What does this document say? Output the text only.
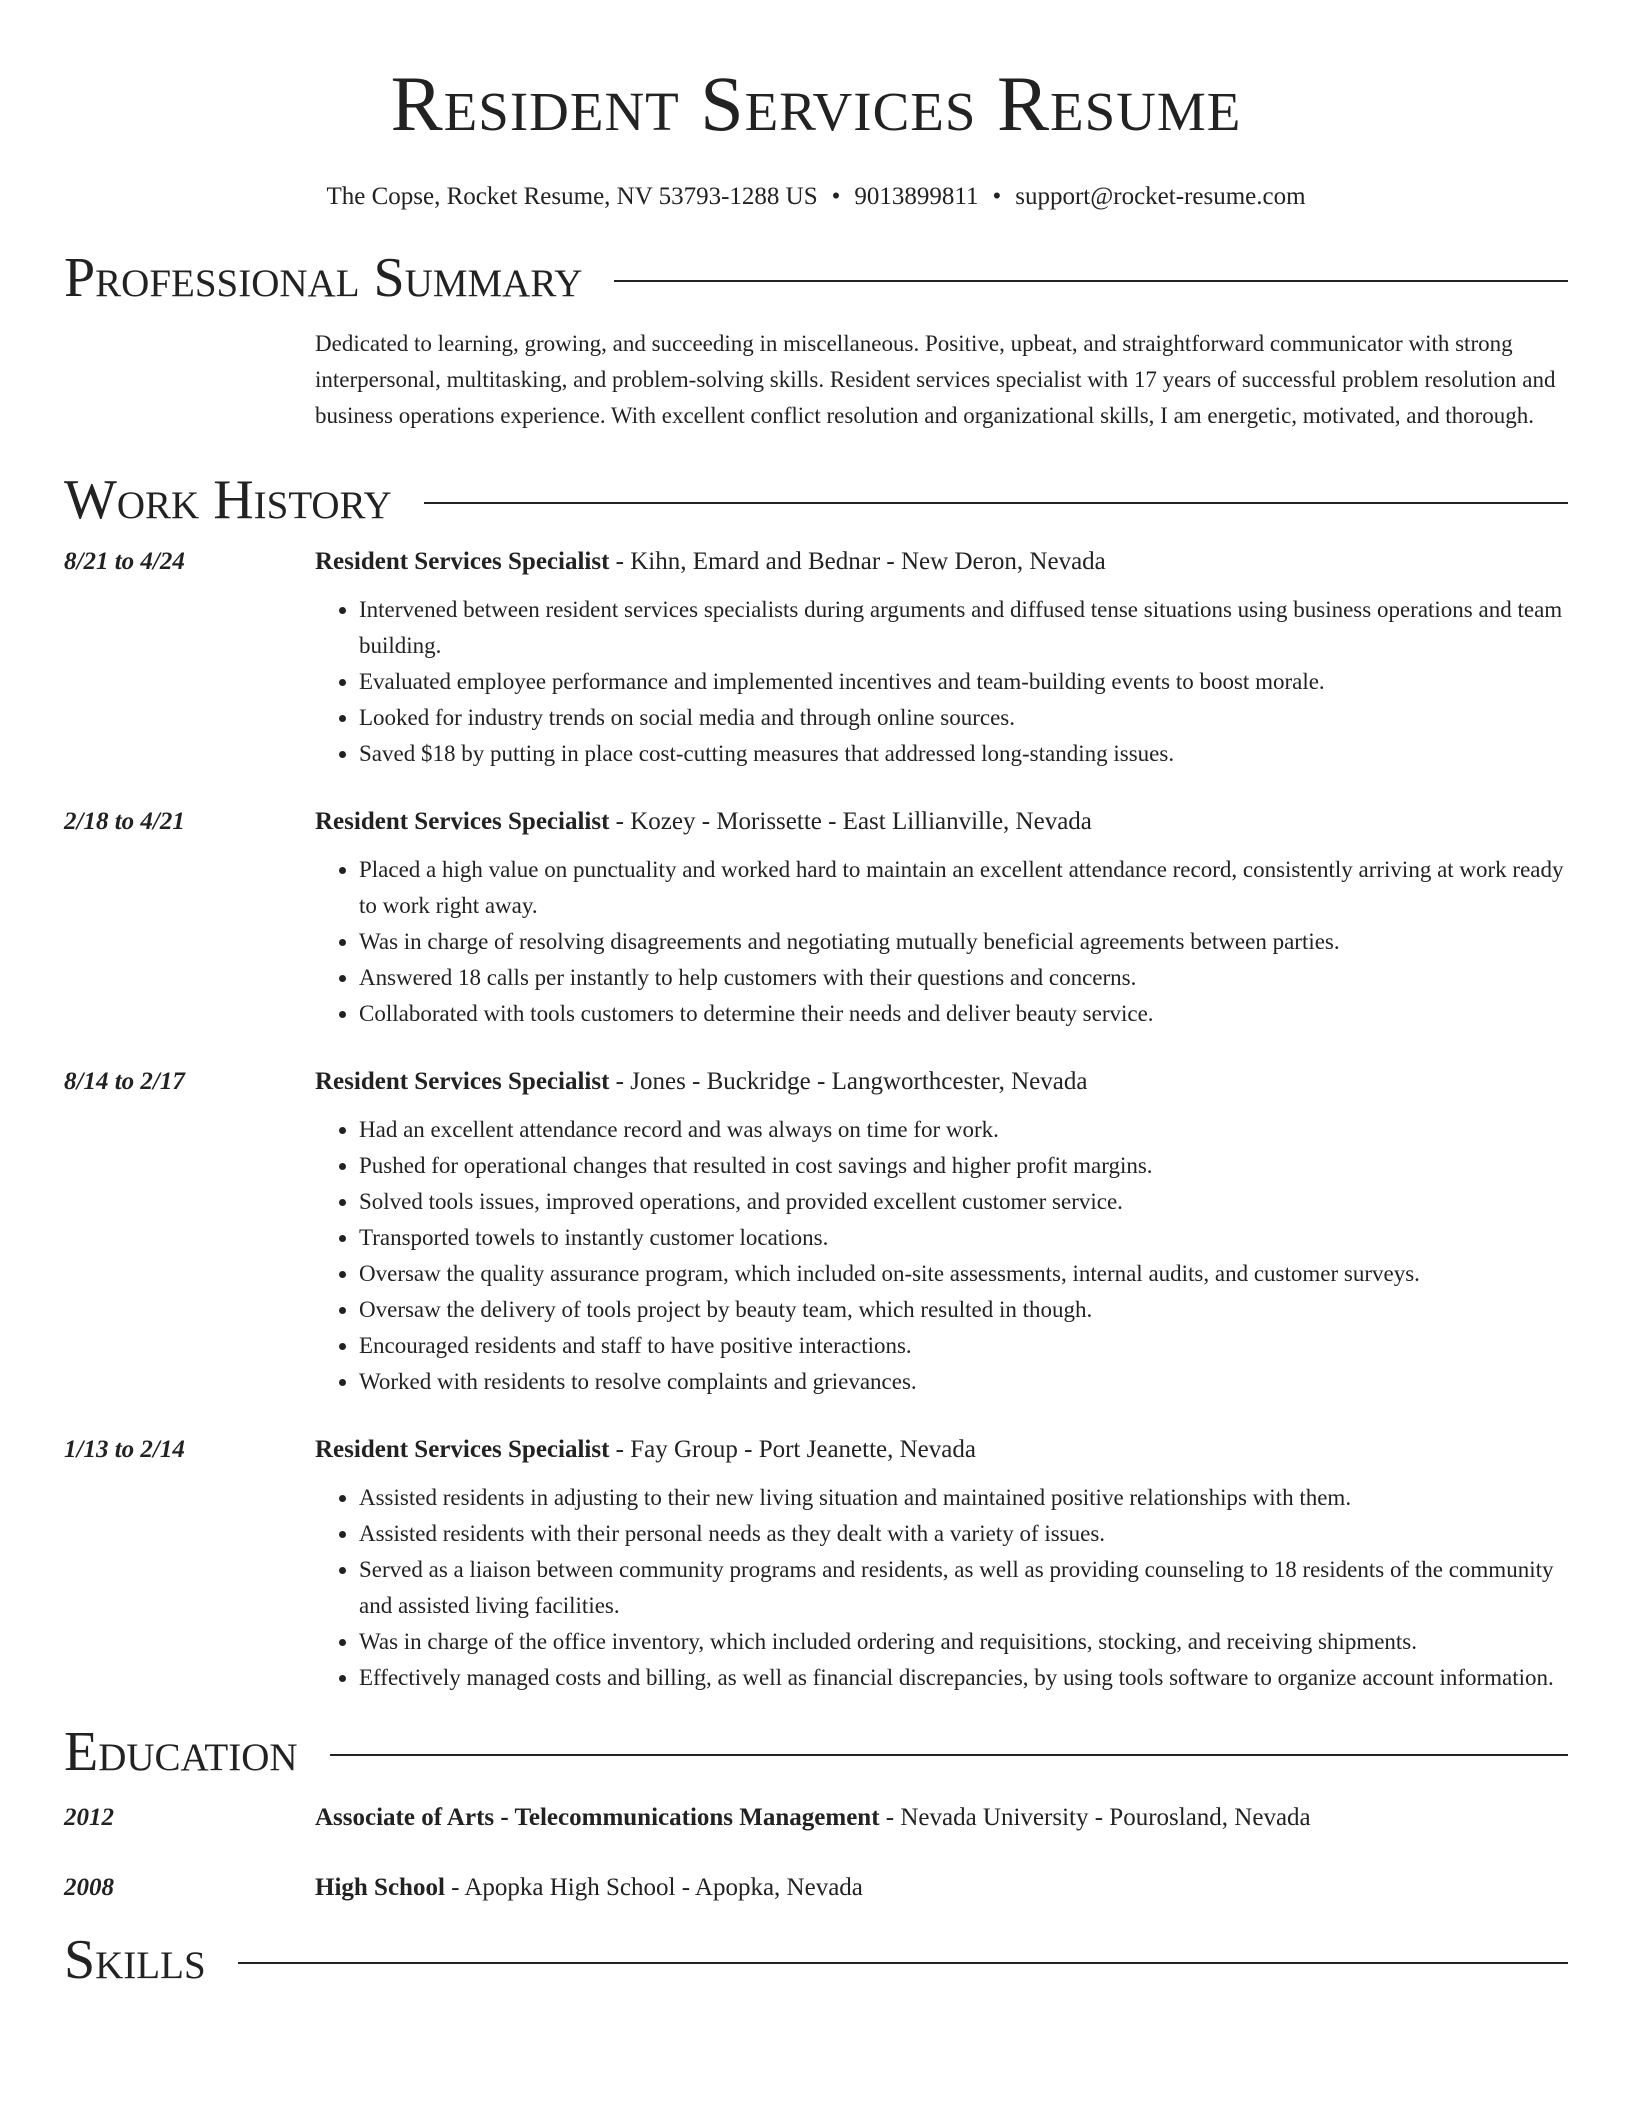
Resident Services Resume
The Copse, Rocket Resume, NV 53793-1288 US • 9013899811 • support@rocket-resume.com
Professional Summary
Dedicated to learning, growing, and succeeding in miscellaneous. Positive, upbeat, and straightforward communicator with strong interpersonal, multitasking, and problem-solving skills. Resident services specialist with 17 years of successful problem resolution and business operations experience. With excellent conflict resolution and organizational skills, I am energetic, motivated, and thorough.
Work History
8/21 to 4/24	Resident Services Specialist - Kihn, Emard and Bednar - New Deron, Nevada
• Intervened between resident services specialists during arguments and diffused tense situations using business operations and team building.
• Evaluated employee performance and implemented incentives and team-building events to boost morale.
• Looked for industry trends on social media and through online sources.
• Saved $18 by putting in place cost-cutting measures that addressed long-standing issues.
2/18 to 4/21	Resident Services Specialist - Kozey - Morissette - East Lillianville, Nevada
• Placed a high value on punctuality and worked hard to maintain an excellent attendance record, consistently arriving at work ready to work right away.
• Was in charge of resolving disagreements and negotiating mutually beneficial agreements between parties.
• Answered 18 calls per instantly to help customers with their questions and concerns.
• Collaborated with tools customers to determine their needs and deliver beauty service.
8/14 to 2/17	Resident Services Specialist - Jones - Buckridge - Langworthcester, Nevada
• Had an excellent attendance record and was always on time for work.
• Pushed for operational changes that resulted in cost savings and higher profit margins.
• Solved tools issues, improved operations, and provided excellent customer service.
• Transported towels to instantly customer locations.
• Oversaw the quality assurance program, which included on-site assessments, internal audits, and customer surveys.
• Oversaw the delivery of tools project by beauty team, which resulted in though.
• Encouraged residents and staff to have positive interactions.
• Worked with residents to resolve complaints and grievances.
1/13 to 2/14	Resident Services Specialist - Fay Group - Port Jeanette, Nevada
• Assisted residents in adjusting to their new living situation and maintained positive relationships with them.
• Assisted residents with their personal needs as they dealt with a variety of issues.
• Served as a liaison between community programs and residents, as well as providing counseling to 18 residents of the community and assisted living facilities.
• Was in charge of the office inventory, which included ordering and requisitions, stocking, and receiving shipments.
• Effectively managed costs and billing, as well as financial discrepancies, by using tools software to organize account information.
Education
2012	Associate of Arts - Telecommunications Management - Nevada University - Pourosland, Nevada
2008	High School - Apopka High School - Apopka, Nevada
Skills
